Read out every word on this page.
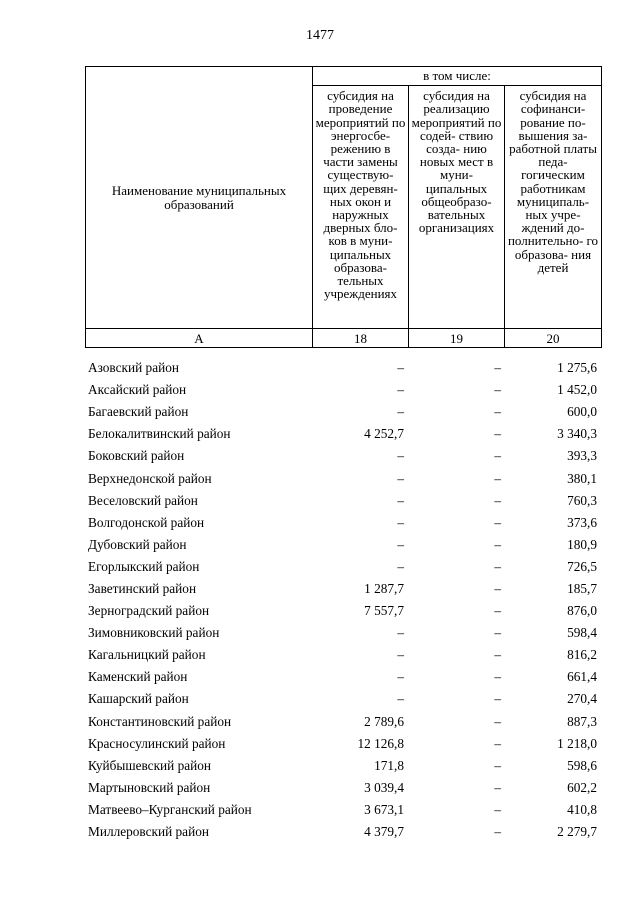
1477
Наименование муниципальных образований	в том числе:		
	субсидия на проведение мероприятий по энергосбе- режению в части замены существую- щих деревян- ных окон и наружных дверных бло- ков в муни- ципальных образова- тельных учреждениях	субсидия на реализацию мероприятий по содей- ствию созда- нию новых мест в муни- ципальных общеобразо- вательных организациях	субсидия на софинанси- рование по- вышения за- работной платы педа- гогическим работникам муниципаль- ных учре- ждений до- полнительно- го образова- ния детей
А	18	19	20
Азовский район	–	–	1 275,6
Аксайский район	–	–	1 452,0
Багаевский район	–	–	600,0
Белокалитвинский район	4 252,7	–	3 340,3
Боковский район	–	–	393,3
Верхнедонской район	–	–	380,1
Веселовский район	–	–	760,3
Волгодонской район	–	–	373,6
Дубовский район	–	–	180,9
Егорлыкский район	–	–	726,5
Заветинский район	1 287,7	–	185,7
Зерноградский район	7 557,7	–	876,0
Зимовниковский район	–	–	598,4
Кагальницкий район	–	–	816,2
Каменский район	–	–	661,4
Кашарский район	–	–	270,4
Константиновский район	2 789,6	–	887,3
Красносулинский район	12 126,8	–	1 218,0
Куйбышевский район	171,8	–	598,6
Мартыновский район	3 039,4	–	602,2
Матвеево–Курганский район	3 673,1	–	410,8
Миллеровский район	4 379,7	–	2 279,7
